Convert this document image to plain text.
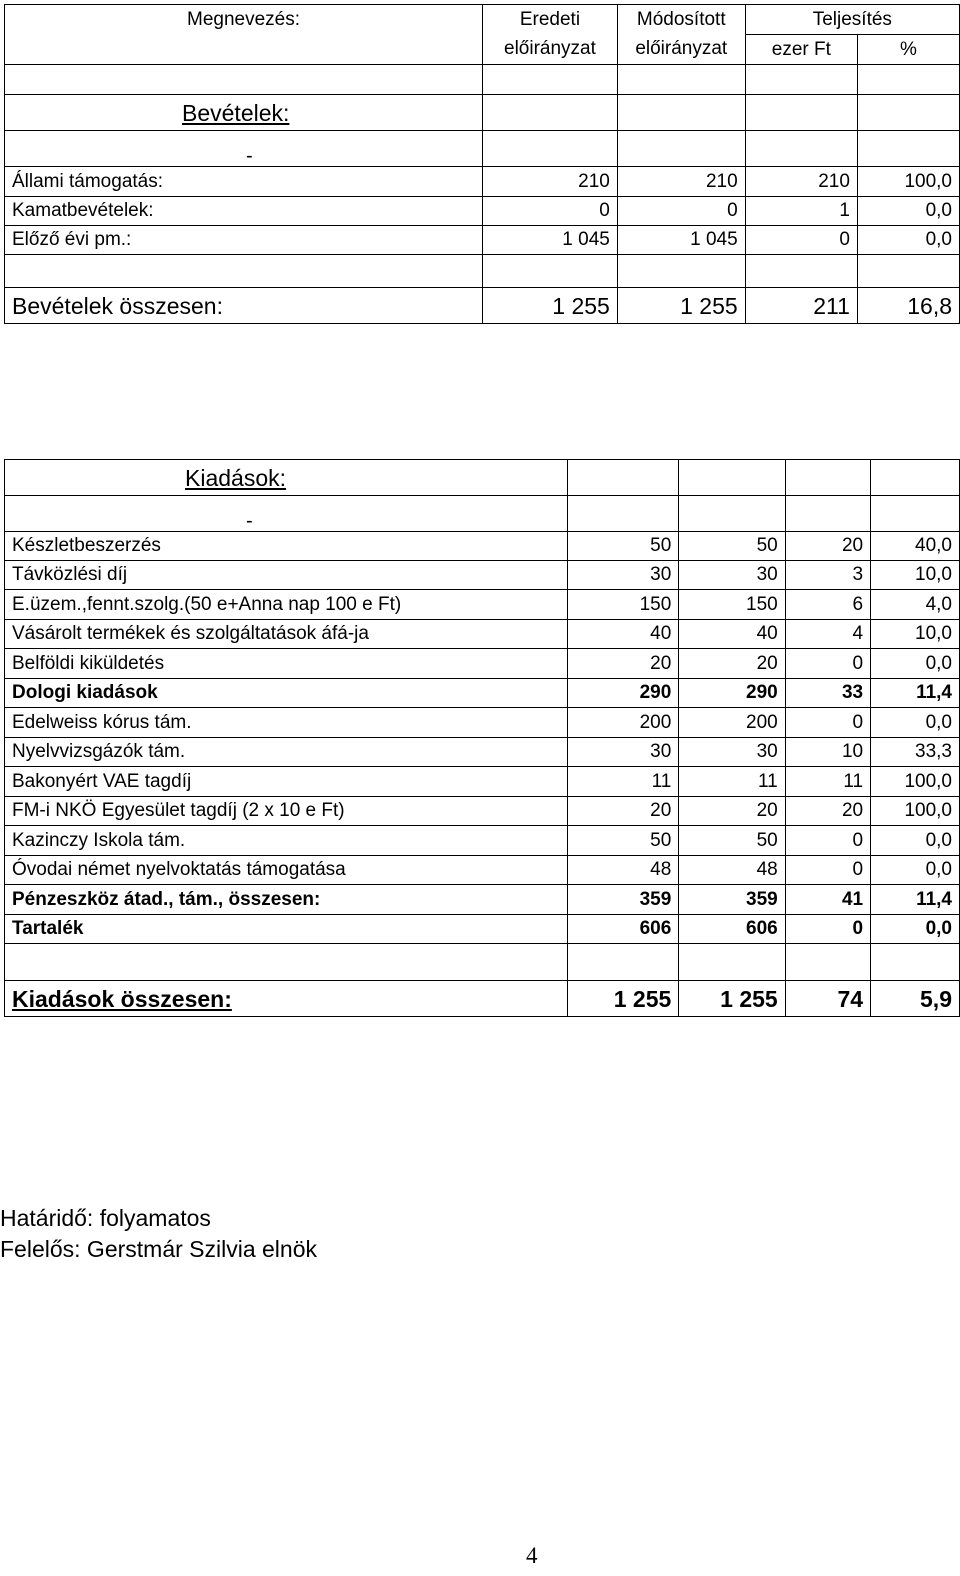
Megnevezés:	Eredeti	Módosított	Teljesítés	
	előirányzat	előirányzat	ezer Ft	%

Bevételek:				
-				
Állami támogatás:	210	210	210	100,0
Kamatbevételek:	0	0	1	0,0
Előző évi pm.:	1 045	1 045	0	0,0

Bevételek összesen:	1 255	1 255	211	16,8
Kiadások:				
-				
Készletbeszerzés	50	50	20	40,0
Távközlési díj	30	30	3	10,0
E.üzem.,fennt.szolg.(50 e+Anna nap 100 e Ft)	150	150	6	4,0
Vásárolt termékek és szolgáltatások áfá-ja	40	40	4	10,0
Belföldi kiküldetés	20	20	0	0,0
Dologi kiadások	290	290	33	11,4
Edelweiss kórus tám.	200	200	0	0,0
Nyelvvizsgázók tám.	30	30	10	33,3
Bakonyért VAE tagdíj	11	11	11	100,0
FM-i NKÖ Egyesület tagdíj (2 x 10 e Ft)	20	20	20	100,0
Kazinczy Iskola tám.	50	50	0	0,0
Óvodai német nyelvoktatás támogatása	48	48	0	0,0
Pénzeszköz átad., tám., összesen:	359	359	41	11,4
Tartalék	606	606	0	0,0

Kiadások összesen:	1 255	1 255	74	5,9
Határidő: folyamatos
Felelős: Gerstmár Szilvia elnök
4
